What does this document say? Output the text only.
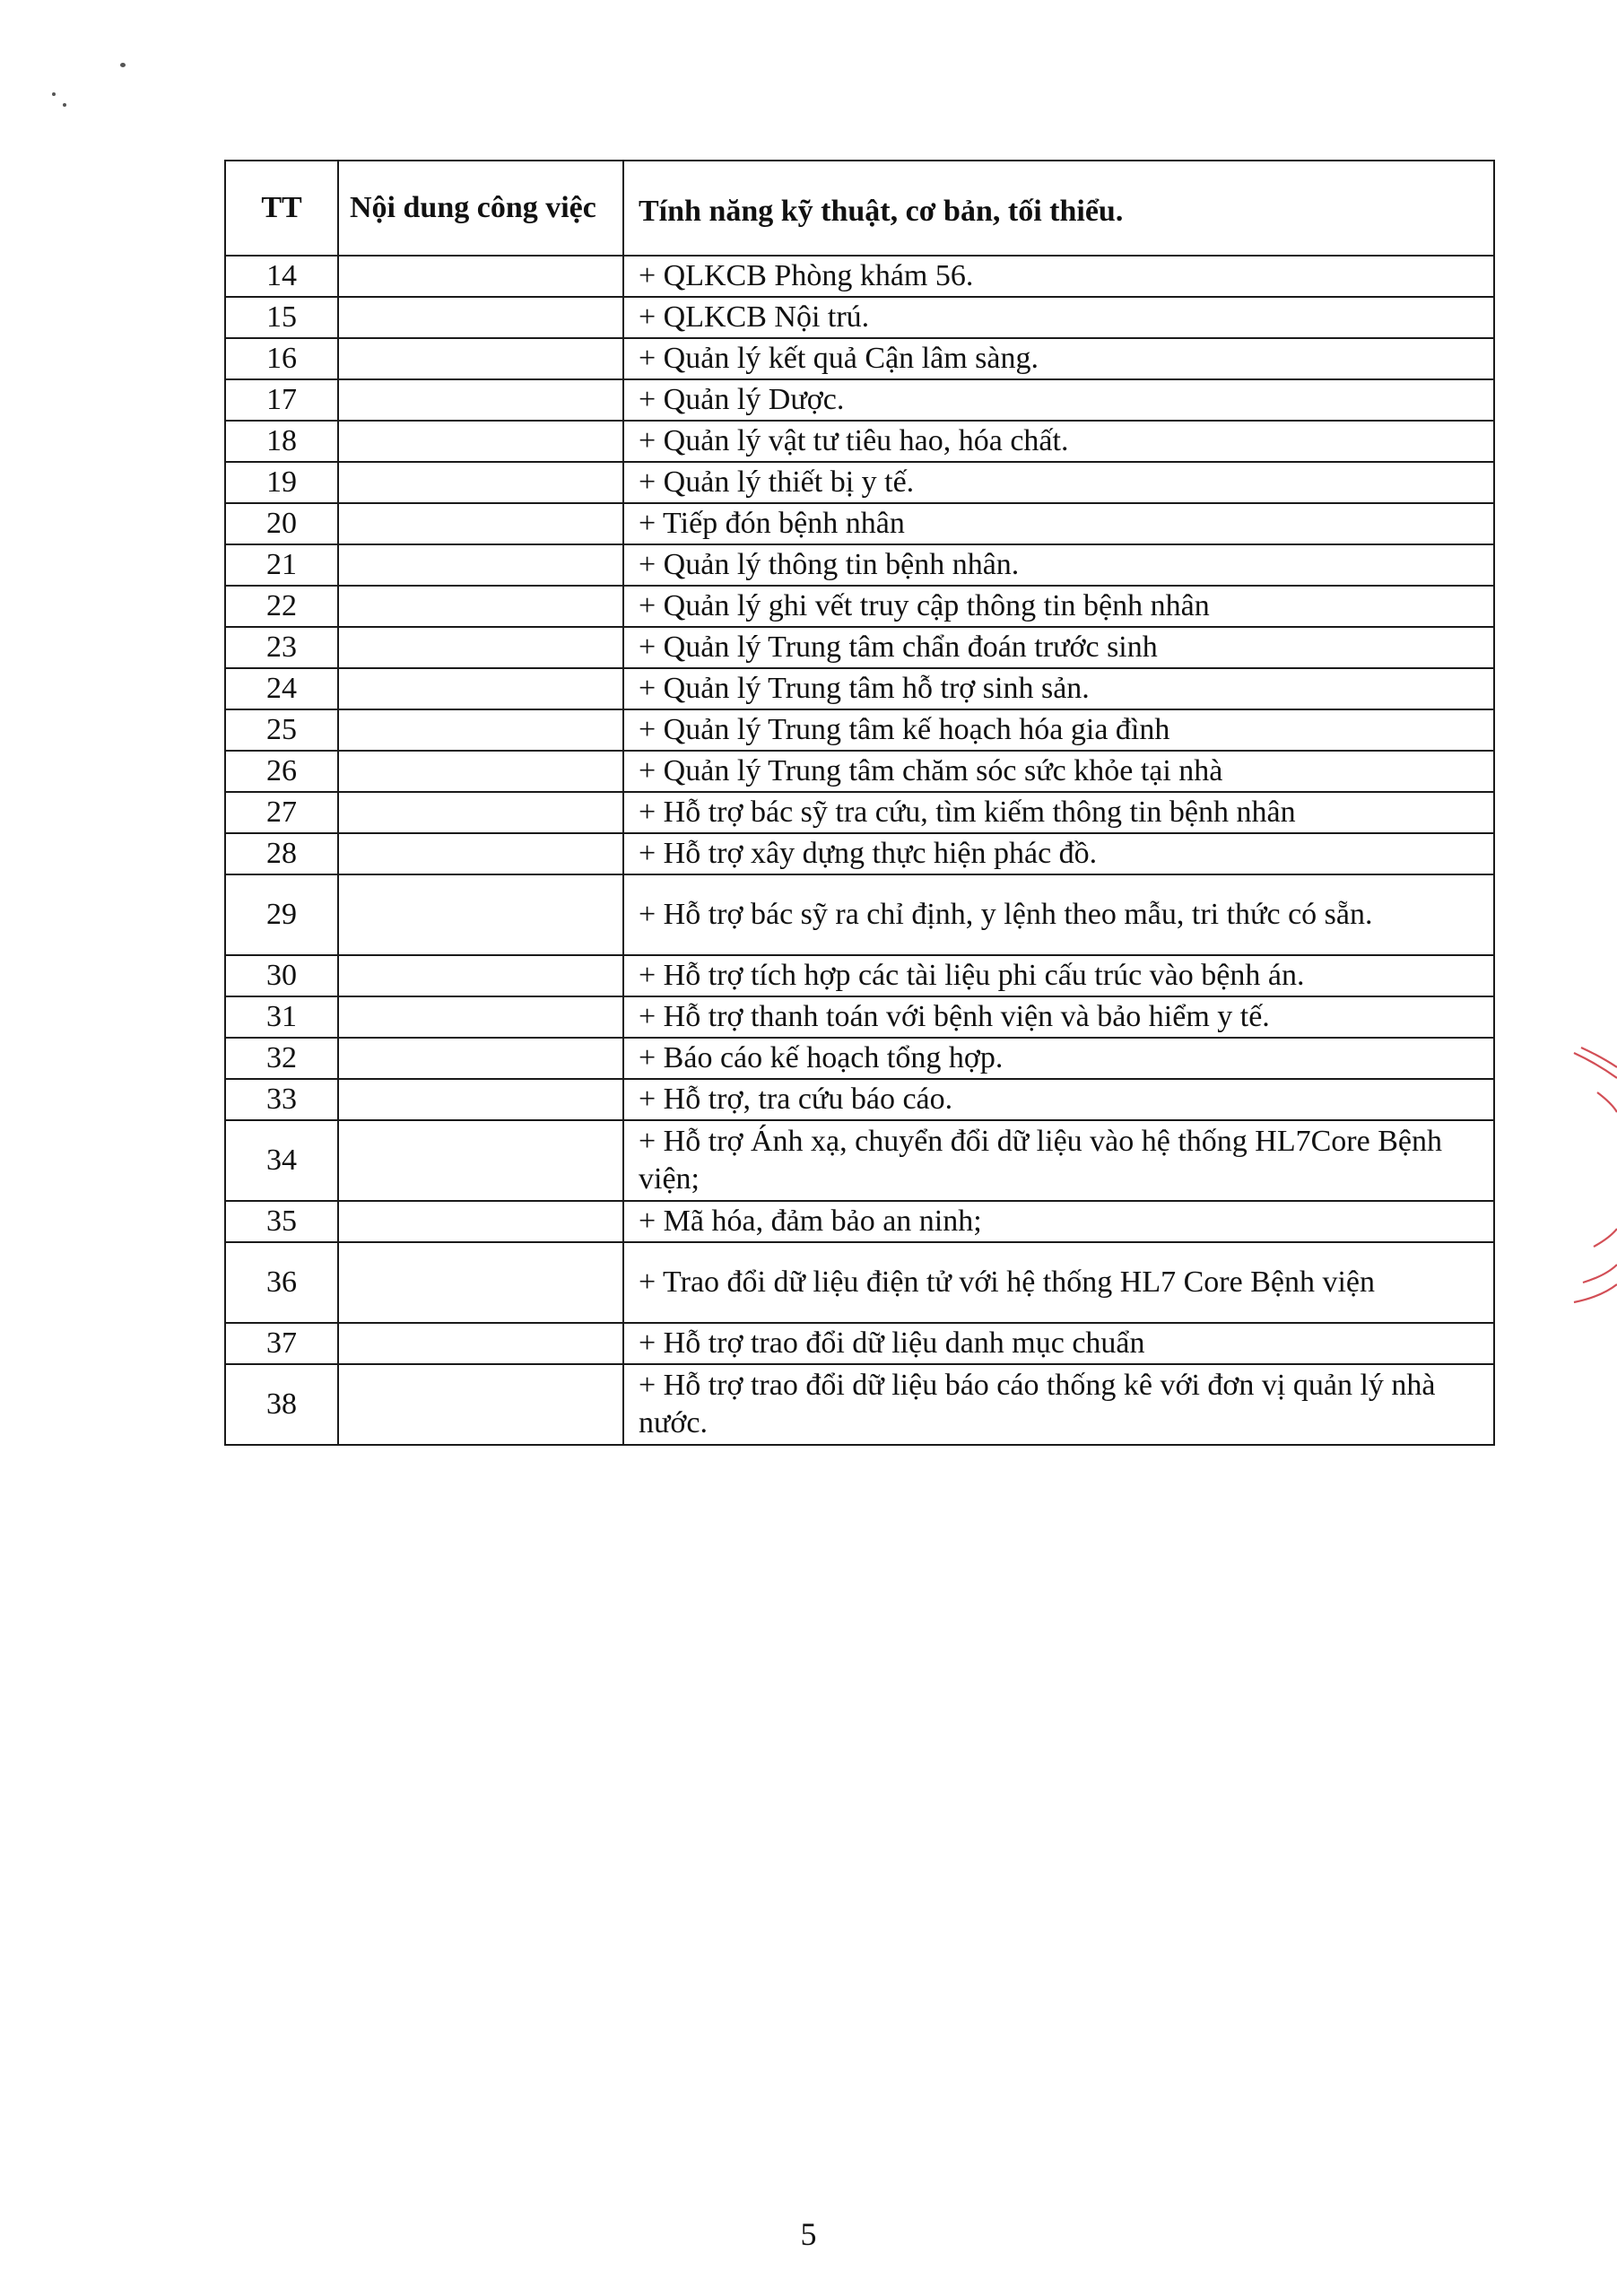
TT	Nội dung công việc	Tính năng kỹ thuật, cơ bản, tối thiểu.
14		+ QLKCB Phòng khám 56.
15		+ QLKCB Nội trú.
16		+ Quản lý kết quả Cận lâm sàng.
17		+ Quản lý Dược.
18		+ Quản lý vật tư tiêu hao, hóa chất.
19		+ Quản lý thiết bị y tế.
20		+ Tiếp đón bệnh nhân
21		+ Quản lý thông tin bệnh nhân.
22		+ Quản lý ghi vết truy cập thông tin bệnh nhân
23		+ Quản lý Trung tâm chẩn đoán trước sinh
24		+ Quản lý Trung tâm hỗ trợ sinh sản.
25		+ Quản lý Trung tâm kế hoạch hóa gia đình
26		+ Quản lý Trung tâm chăm sóc sức khỏe tại nhà
27		+ Hỗ trợ bác sỹ tra cứu, tìm kiếm thông tin bệnh nhân
28		+ Hỗ trợ xây dựng thực hiện phác đồ.
29		+ Hỗ trợ bác sỹ ra chỉ định, y lệnh theo mẫu, tri thức có sẵn.
30		+ Hỗ trợ tích hợp các tài liệu phi cấu trúc vào bệnh án.
31		+ Hỗ trợ thanh toán với bệnh viện và bảo hiểm y tế.
32		+ Báo cáo kế hoạch tổng hợp.
33		+ Hỗ trợ, tra cứu báo cáo.
34		+ Hỗ trợ Ánh xạ, chuyển đổi dữ liệu vào hệ thống HL7Core Bệnh viện;
35		+ Mã hóa, đảm bảo an ninh;
36		+ Trao đổi dữ liệu điện tử với hệ thống HL7 Core Bệnh viện
37		+ Hỗ trợ trao đổi dữ liệu danh mục chuẩn
38		+ Hỗ trợ trao đổi dữ liệu báo cáo thống kê với đơn vị quản lý nhà nước.
5
